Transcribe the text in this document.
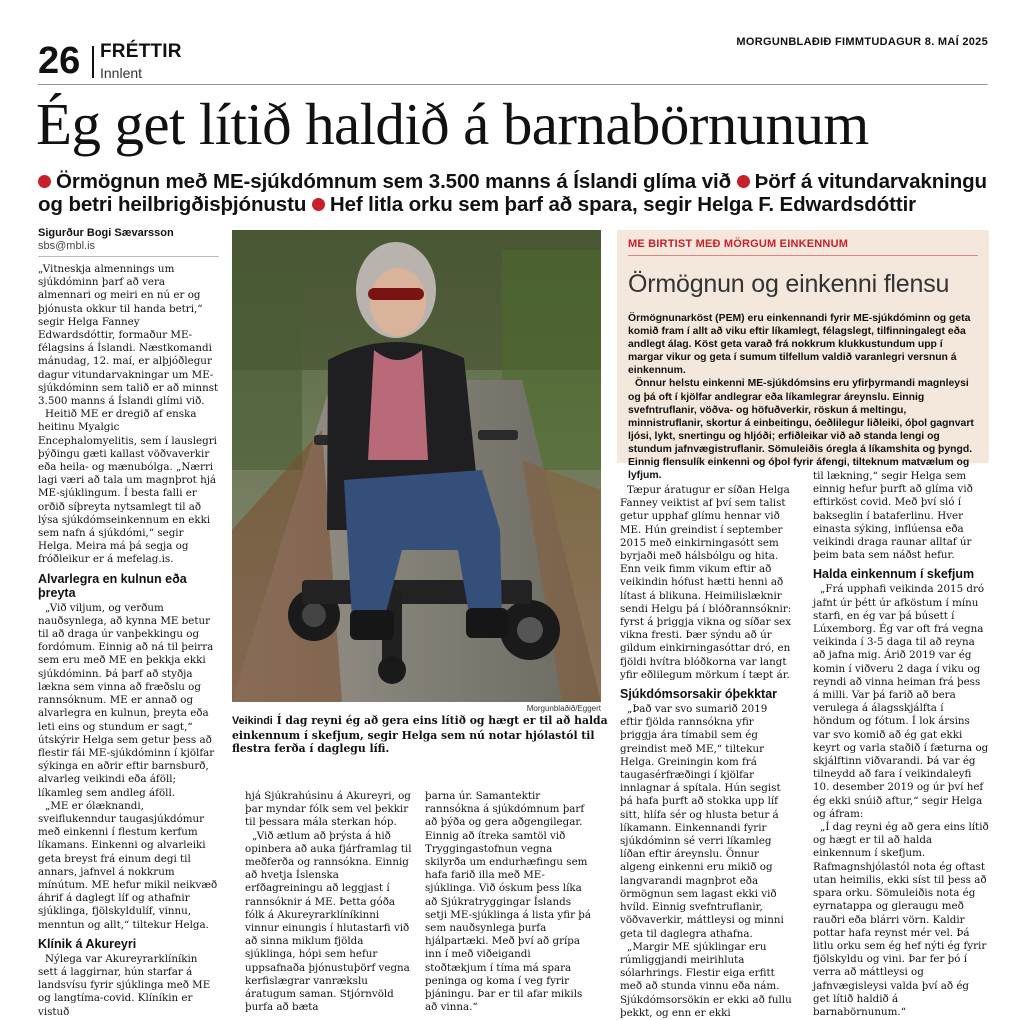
26 FRÉTTIR
Innlent
MORGUNBLAÐIÐ FIMMTUDAGUR 8. MAÍ 2025
Ég get lítið haldið á barnabörnunum
Örmögnun með ME-sjúkdómnum sem 3.500 manns á Íslandi glíma við Þörf á vitundarvakningu og betri heilbrigðisþjónustu Hef litla orku sem þarf að spara, segir Helga F. Edwardsdóttir
Sigurður Bogi Sævarsson
sbs@mbl.is

„Vitneskja almennings um sjúkdóminn þarf að vera almennari og meiri en nú er og þjónusta okkur til handa betri,“ segir Helga Fanney Edwardsdóttir, formaður ME-félagsins á Íslandi. Næstkomandi mánudag, 12. maí, er alþjóðlegur dagur vitundarvakningar um ME-sjúkdóminn sem talið er að minnst 3.500 manns á Íslandi glími við.

Heitið ME er dregið af enska heitinu Myalgic Encephalomyelitis, sem í lauslegri þýðingu gæti kallast vöðvaverkir eða heila- og mænubólga. „Nærri lagi væri að tala um magnþrot hjá ME-sjúklingum. Í besta falli er orðið síþreyta nytsamlegt til að lýsa sjúkdómseinkennum en ekki sem nafn á sjúkdómi,“ segir Helga. Meira má þá segja og fróðleikur er á mefelag.is.

Alvarlegra en kulnun eða þreyta

„Við viljum, og verðum nauðsynlega, að kynna ME betur til að draga úr vanþekkingu og fordómum. Einnig að ná til þeirra sem eru með ME en þekkja ekki sjúkdóminn. Þá þarf að styðja lækna sem vinna að fræðslu og rannsóknum. ME er annað og alvarlegra en kulnun, þreyta eða leti eins og stundum er sagt,“ útskýrir Helga sem getur þess að flestir fái ME-sjúkdóminn í kjölfar sýkinga en aðrir eftir barnsburð, alvarleg veikindi eða áföll; líkamleg sem andleg áföll.

„ME er ólæknandi, sveiflukenndur taugasjúkdómur með einkenni í flestum kerfum líkamans. Einkenni og alvarleiki geta breyst frá einum degi til annars, jafnvel á nokkrum mínútum. ME hefur mikil neikvæð áhrif á daglegt líf og athafnir sjúklinga, fjölskyldulíf, vinnu, menntun og allt,“ tiltekur Helga.

Klínik á Akureyri

Nýlega var Akureyrarklíníkin sett á laggirnar, hún starfar á landsvísu fyrir sjúklinga með ME og langtíma-covid. Klíníkin er vistuð

Morgunblaðið/Eggert
Veikindi Í dag reyni ég að gera eins lítið og hægt er til að halda einkennum í skefjum, segir Helga sem nú notar hjólastól til flestra ferða í daglegu lífi.

hjá Sjúkrahúsinu á Akureyri, og þar myndar fólk sem vel þekkir til þessara mála sterkan hóp.

„Við ætlum að þrýsta á hið opinbera að auka fjárframlag til meðferða og rannsókna. Einnig að hvetja Íslenska erfðagreiningu að leggjast í rannsóknir á ME. Þetta góða fólk á Akureyrarklíníkinni vinnur einungis í hlutastarfi við að sinna miklum fjölda sjúklinga, hópi sem hefur uppsafnaða þjónustuþörf vegna kerfislægrar vanrækslu áratugum saman. Stjórnvöld þurfa að bæta

þarna úr. Samantektir rannsókna á sjúkdómnum þarf að þýða og gera aðgengilegar. Einnig að ítreka samtöl við Tryggingastofnun vegna skilyrða um endurhæfingu sem hafa farið illa með ME-sjúklinga. Við óskum þess líka að Sjúkratryggingar Íslands setji ME-sjúklinga á lista yfir þá sem nauðsynlega þurfa hjálpartæki. Með því að grípa inn í með viðeigandi stoðtækjum í tíma má spara peninga og koma í veg fyrir þjáningu. Þar er til afar mikils að vinna.“

ME BIRTIST MEÐ MÖRGUM EINKENNUM
Örmögnun og einkenni flensu

Örmögnunarköst (PEM) eru einkennandi fyrir ME-sjúkdóminn og geta komið fram í allt að viku eftir líkamlegt, félagslegt, tilfinningalegt eða andlegt álag. Köst geta varað frá nokkrum klukkustundum upp í margar vikur og geta í sumum tilfellum valdið varanlegri versnun á einkennum.

Önnur helstu einkenni ME-sjúkdómsins eru yfirþyrmandi magnleysi og þá oft í kjölfar andlegrar eða líkamlegrar áreynslu. Einnig svefntruflanir, vöðva- og höfuðverkir, röskun á meltingu, minnistruflanir, skortur á einbeitingu, óeðlilegur liðleiki, óþol gagnvart ljósi, lykt, snertingu og hljóði; erfiðleikar við að standa lengi og stundum jafnvægistruflanir. Sömuleiðis óregla á líkamshita og þyngd. Einnig flensulík einkenni og óþol fyrir áfengi, tilteknum matvælum og lyfjum.

Tæpur áratugur er síðan Helga Fanney veiktist af því sem talist getur upphaf glímu hennar við ME. Hún greindist í september 2015 með einkirningasótt sem byrjaði með hálsbólgu og hita. Enn veik fimm vikum eftir að veikindin hófust hætti henni að lítast á blikuna. Heimilislæknir sendi Helgu þá í blóðrannsóknir: fyrst á þriggja vikna og síðar sex vikna fresti. Þær sýndu að úr gildum einkirningasóttar dró, en fjöldi hvítra blóðkorna var langt yfir eðlilegum mörkum í tæpt ár.

Sjúkdómsorsakir óþekktar

„Það var svo sumarið 2019 eftir fjölda rannsókna yfir þriggja ára tímabil sem ég greindist með ME,“ tiltekur Helga. Greiningin kom frá taugasérfræðingi í kjölfar innlagnar á spítala. Hún segist þá hafa þurft að stokka upp líf sitt, hlífa sér og hlusta betur á líkamann. Einkennandi fyrir sjúkdóminn sé verri líkamleg líðan eftir áreynslu. Önnur algeng einkenni eru mikið og langvarandi magnþrot eða örmögnun sem lagast ekki við hvíld. Einnig svefntruflanir, vöðvaverkir, máttleysi og minni geta til daglegra athafna.

„Margir ME sjúklingar eru rúmliggjandi meirihluta sólarhrings. Flestir eiga erfitt með að stunda vinnu eða nám. Sjúkdómsorsökin er ekki að fullu þekkt, og enn er ekki

til lækning,“ segir Helga sem einnig hefur þurft að glíma við eftirköst covid. Með því sló í bakseglin í bataferlinu. Hver einasta sýking, inflúensa eða veikindi draga raunar alltaf úr þeim bata sem náðst hefur.

Halda einkennum í skefjum

„Frá upphafi veikinda 2015 dró jafnt úr þétt úr afköstum í mínu starfi, en ég var þá búsett í Lúxemborg. Ég var oft frá vegna veikinda í 3-5 daga til að reyna að jafna mig. Árið 2019 var ég komin í viðveru 2 daga í viku og reyndi að vinna heiman frá þess á milli. Var þá farið að bera verulega á álagsskjálfta í höndum og fótum. Í lok ársins var svo komið að ég gat ekki keyrt og varla staðið í fæturna og skjálftinn viðvarandi. Þá var ég tilneydd að fara í veikindaleyfi 10. desember 2019 og úr því hef ég ekki snúið aftur,“ segir Helga og áfram:

„Í dag reyni ég að gera eins lítið og hægt er til að halda einkennum í skefjum. Rafmagnshjólastól nota ég oftast utan heimilis, ekki síst til þess að spara orku. Sömuleiðis nota ég eyrnatappa og gleraugu með rauðri eða blárri vörn. Kaldir pottar hafa reynst mér vel. Þá litlu orku sem ég hef nýti ég fyrir fjölskyldu og vini. Þar fer þó í verra að máttleysi og jafnvægisleysi valda því að ég get lítið haldið á barnabörnunum.“
